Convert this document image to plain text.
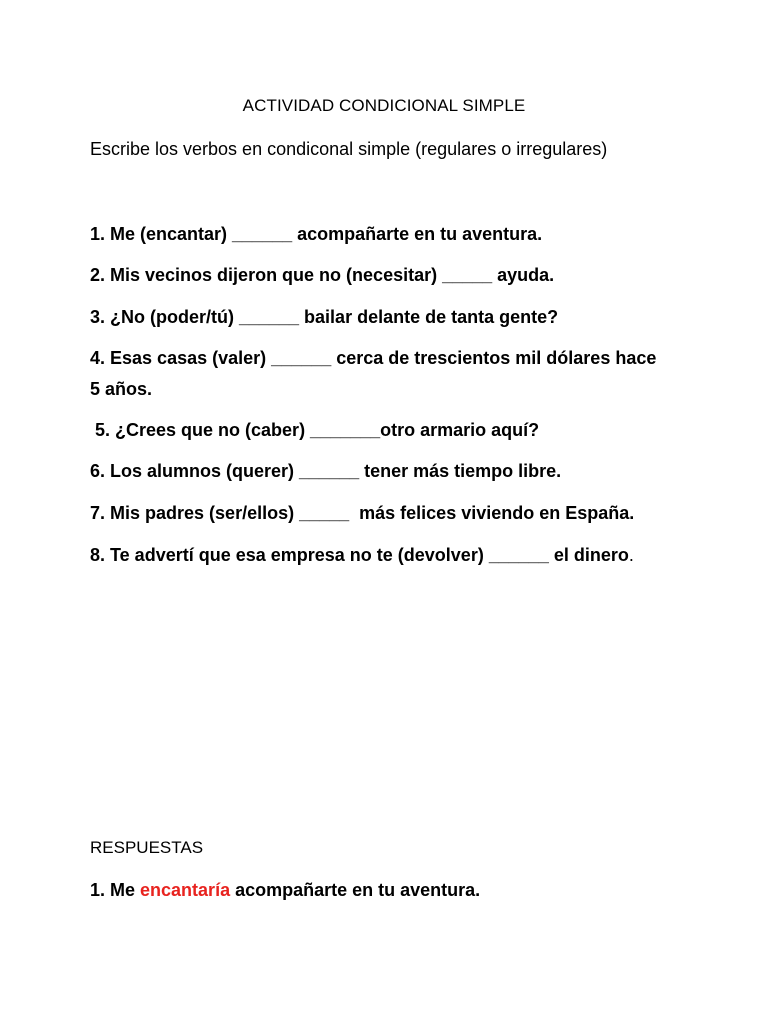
ACTIVIDAD CONDICIONAL SIMPLE
Escribe los verbos en condiconal simple (regulares o irregulares)
1. Me (encantar) ______ acompañarte en tu aventura.
2. Mis vecinos dijeron que no (necesitar) _____ ayuda.
3. ¿No (poder/tú) ______ bailar delante de tanta gente?
4. Esas casas (valer) ______ cerca de trescientos mil dólares hace 5 años.
5. ¿Crees que no (caber) _______otro armario aquí?
6. Los alumnos (querer) ______ tener más tiempo libre.
7. Mis padres (ser/ellos) _____  más felices viviendo en España.
8. Te advertí que esa empresa no te (devolver) ______ el dinero.
RESPUESTAS
1. Me encantaría acompañarte en tu aventura.
